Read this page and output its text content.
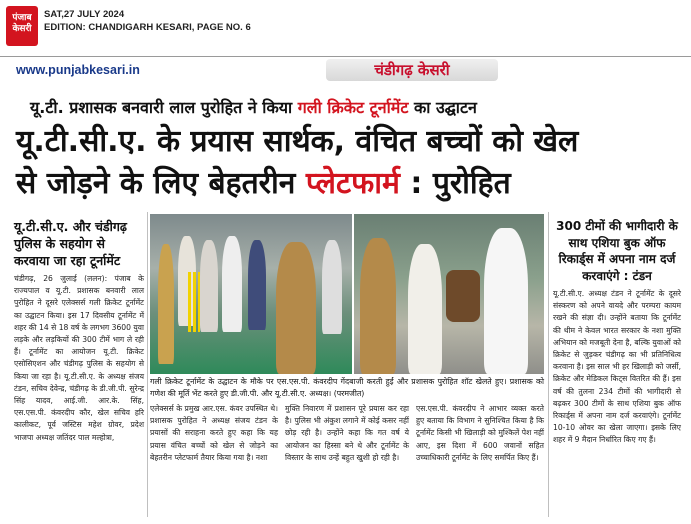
पंजाब केसरी
SAT,27 JULY 2024
EDITION: CHANDIGARH KESARI, PAGE NO. 6
www.punjabkesari.in	चंडीगढ़ केसरी
यू.टी. प्रशासक बनवारी लाल पुरोहित ने किया गली क्रिकेट टूर्नामेंट का उद्घाटन
यू.टी.सी.ए. के प्रयास सार्थक, वंचित बच्चों को खेल
से जोड़ने के लिए बेहतरीन प्लेटफार्म : पुरोहित
यू.टी.सी.ए. और चंडीगढ़ पुलिस के सहयोग से करवाया जा रहा टूर्नामेंट
चंडीगढ़, 26 जुलाई (ललन): पंजाब के राज्यपाल व यू.टी. प्रशासक बनवारी लाल पुरोहित ने दूसरे एलेक्सर्स गली क्रिकेट टूर्नामेंट का उद्घाटन किया। इस 17 दिवसीय टूर्नामेंट में शहर की 14 से 18 वर्ष के लगभग 3600 युवा लड़के और लड़कियों की 300 टीमें भाग ले रही हैं। टूर्नामेंट का आयोजन यू.टी. क्रिकेट एसोसिएशन और चंडीगढ़ पुलिस के सहयोग से किया जा रहा है। यू.टी.सी.ए. के अध्यक्ष संजय टंडन, सचिव देवेन्द्र, चंडीगढ़ के डी.जी.पी. सुरेन्द्र सिंह यादव, आई.जी. आर.के. सिंह, एस.एस.पी. कंवरदीप कौर, खेल सचिव हरि कालीकट, पूर्व जस्टिस महेश ग्रोवर, प्रदेश भाजपा अध्यक्ष जतिंदर पाल मल्होत्रा,
गली क्रिकेट टूर्नामेंट के उद्घाटन के मौके पर एस.एस.पी. कंवरदीप गेंदबाजी करती हुईं और प्रशासक पुरोहित शॉट खेलते हुए। प्रशासक को गणेश की मूर्ति भेंट करते हुए डी.जी.पी. और यू.टी.सी.ए. अध्यक्ष। (परमजीत)
एलेक्सर्स के प्रमुख आर.एस. कंवर उपस्थित थे। प्रशासक पुरोहित ने अध्यक्ष संजय टंडन के प्रयासों की सराहना करते हुए कहा कि यह प्रयास वंचित बच्चों को खेल से जोड़ने का बेहतरीन प्लेटफार्म तैयार किया गया है। नशा
मुक्ति निवारण में प्रशासन पूरे प्रयास कर रहा है। पुलिस भी अंकुश लगाने में कोई कसर नहीं छोड़ रही है। उन्होंने कहा कि गत वर्ष ये आयोजन का हिस्सा बने थे और टूर्नामेंट के विस्तार के साथ उन्हें बहुत खुशी हो रही है।
एस.एस.पी. कंवरदीप ने आभार व्यक्त करते हुए बताया कि विभाग ने सुनिश्चित किया है कि टूर्नामेंट किसी भी खिलाड़ी को मुश्किलें पेश नहीं आए, इस दिशा में 600 जवानों सहित उच्चाधिकारी टूर्नामेंट के लिए समर्पित किए हैं।
300 टीमों की भागीदारी के साथ एशिया बुक ऑफ रिकार्ड्स में अपना नाम दर्ज करवाएंगे : टंडन
यू.टी.सी.ए. अध्यक्ष टंडन ने टूर्नामेंट के दूसरे संस्करण को अपने वायदे और परम्परा कायम रखने की संज्ञा दी। उन्होंने बताया कि टूर्नामेंट की थीम ने केवल भारत सरकार के नशा मुक्ति अभियान को मजबूती देना है, बल्कि युवाओं को क्रिकेट से जुड़कर चंडीगढ़ का भी प्रतिनिधित्व करवाना है। इस साल भी हर खिलाड़ी को जर्सी, क्रिकेट और मेडिकल किट्स वितरित की हैं। इस वर्ष की तुलना 234 टीमों की भागीदारी से बढ़कर 300 टीमों के साथ एशिया बुक ऑफ रिकार्ड्स में अपना नाम दर्ज करवाएंगे। टूर्नामेंट 10-10 ओवर का खेला जाएगा। इसके लिए शहर में 9 मैदान निर्धारित किए गए हैं।
